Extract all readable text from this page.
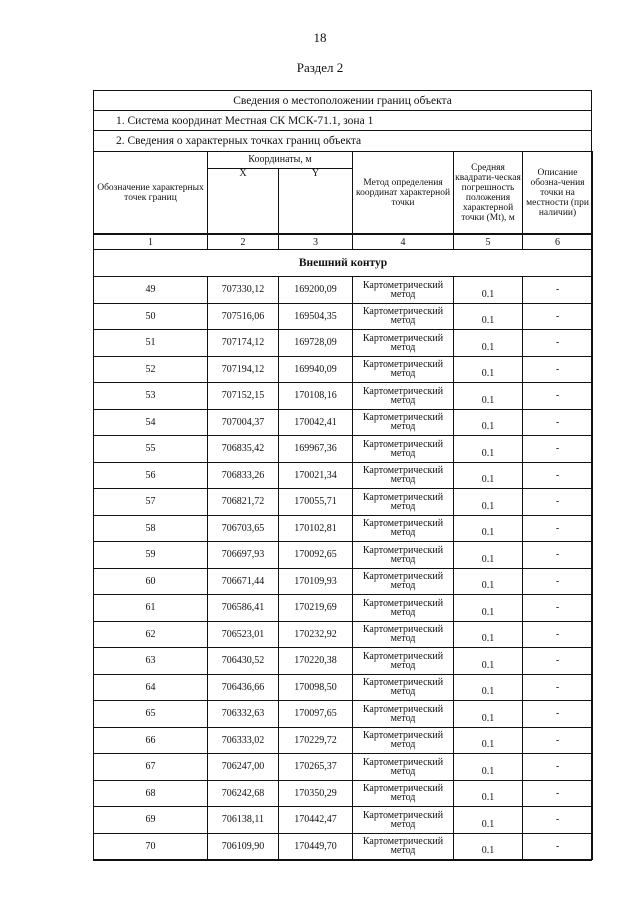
18
Раздел 2
Сведения о местоположении границ объекта
1. Система координат Местная СК МСК-71.1, зона 1
2. Сведения о характерных точках границ объекта
Обозначение характерных точек границ	Координаты, м		Метод определения координат характерной точки	Средняя квадрати-ческая погрешность положения характерной точки (Mt), м	Описание обозна-чения точки на местности (при наличии)
	X	Y			
1	2	3	4	5	6
Внешний контур					
49	707330,12	169200,09	Картометрический метод	0.1	-
50	707516,06	169504,35	Картометрический метод	0.1	-
51	707174,12	169728,09	Картометрический метод	0.1	-
52	707194,12	169940,09	Картометрический метод	0.1	-
53	707152,15	170108,16	Картометрический метод	0.1	-
54	707004,37	170042,41	Картометрический метод	0.1	-
55	706835,42	169967,36	Картометрический метод	0.1	-
56	706833,26	170021,34	Картометрический метод	0.1	-
57	706821,72	170055,71	Картометрический метод	0.1	-
58	706703,65	170102,81	Картометрический метод	0.1	-
59	706697,93	170092,65	Картометрический метод	0.1	-
60	706671,44	170109,93	Картометрический метод	0.1	-
61	706586,41	170219,69	Картометрический метод	0.1	-
62	706523,01	170232,92	Картометрический метод	0.1	-
63	706430,52	170220,38	Картометрический метод	0.1	-
64	706436,66	170098,50	Картометрический метод	0.1	-
65	706332,63	170097,65	Картометрический метод	0.1	-
66	706333,02	170229,72	Картометрический метод	0.1	-
67	706247,00	170265,37	Картометрический метод	0.1	-
68	706242,68	170350,29	Картометрический метод	0.1	-
69	706138,11	170442,47	Картометрический метод	0.1	-
70	706109,90	170449,70	Картометрический метод	0.1	-
